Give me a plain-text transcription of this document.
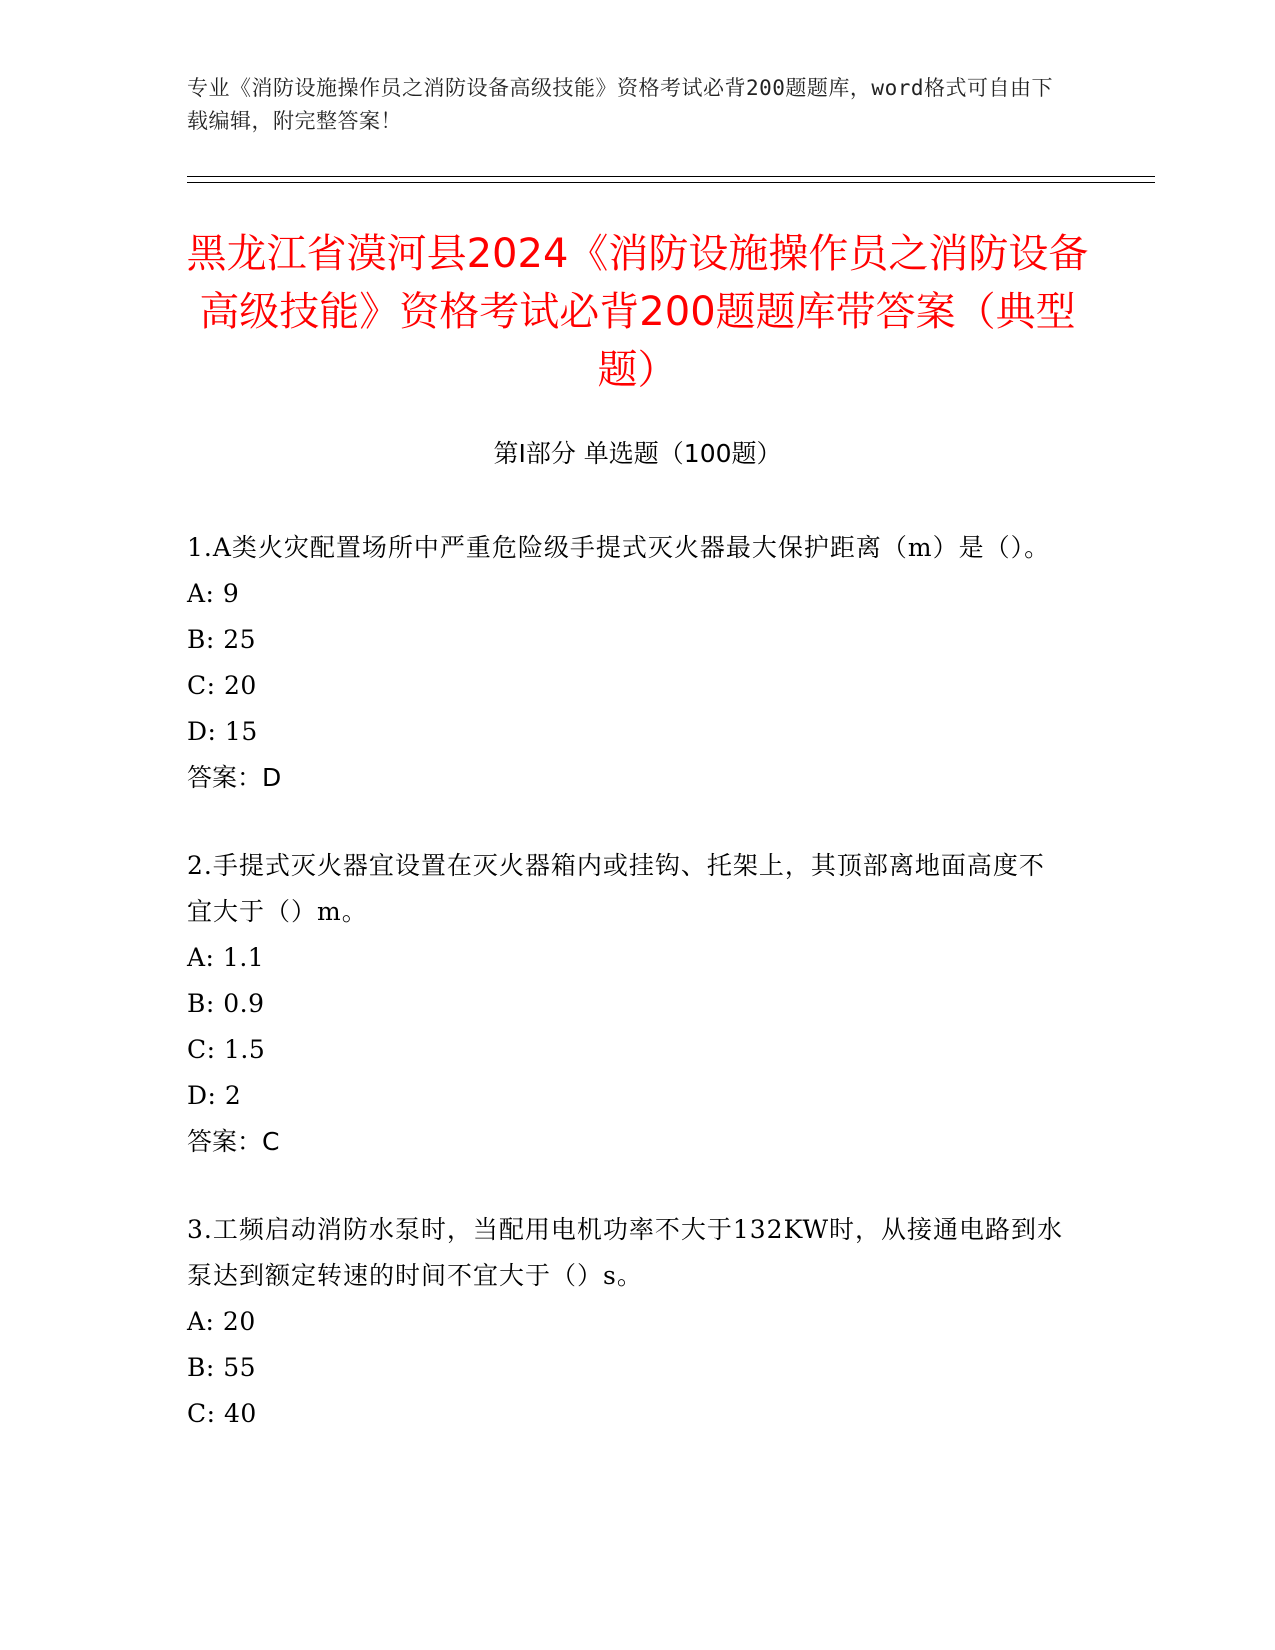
专业《消防设施操作员之消防设备高级技能》资格考试必背200题题库，word格式可自由下载编辑，附完整答案！
黑龙江省漠河县2024《消防设施操作员之消防设备高级技能》资格考试必背200题题库带答案（典型题）
第Ⅰ部分 单选题（100题）

1.A类火灾配置场所中严重危险级手提式灭火器最大保护距离（m）是（）。

A: 9

B: 25

C: 20

D: 15

答案：D

2.手提式灭火器宜设置在灭火器箱内或挂钩、托架上，其顶部离地面高度不宜大于（）m。

A: 1.1

B: 0.9

C: 1.5

D: 2

答案：C

3.工频启动消防水泵时，当配用电机功率不大于132KW时，从接通电路到水泵达到额定转速的时间不宜大于（）s。

A: 20

B: 55

C: 40
